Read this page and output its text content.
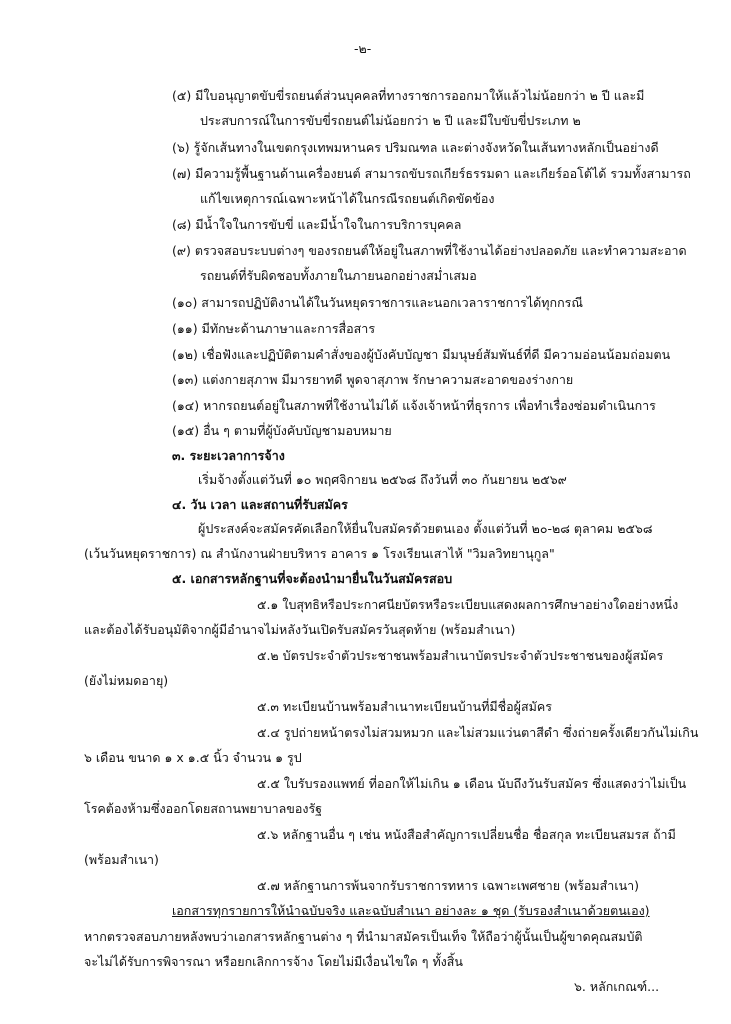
-๒-
(๕) มีใบอนุญาตขับขี่รถยนต์ส่วนบุคคลที่ทางราชการออกมาให้แล้วไม่น้อยกว่า ๒ ปี และมี
ประสบการณ์ในการขับขี่รถยนต์ไม่น้อยกว่า ๒ ปี และมีใบขับขี่ประเภท ๒
(๖) รู้จักเส้นทางในเขตกรุงเทพมหานคร ปริมณฑล และต่างจังหวัดในเส้นทางหลักเป็นอย่างดี
(๗) มีความรู้พื้นฐานด้านเครื่องยนต์ สามารถขับรถเกียร์ธรรมดา และเกียร์ออโต้ได้ รวมทั้งสามารถ
แก้ไขเหตุการณ์เฉพาะหน้าได้ในกรณีรถยนต์เกิดขัดข้อง
(๘) มีน้ำใจในการขับขี่ และมีน้ำใจในการบริการบุคคล
(๙) ตรวจสอบระบบต่างๆ ของรถยนต์ให้อยู่ในสภาพที่ใช้งานได้อย่างปลอดภัย และทำความสะอาด
รถยนต์ที่รับผิดชอบทั้งภายในภายนอกอย่างสม่ำเสมอ
(๑๐) สามารถปฏิบัติงานได้ในวันหยุดราชการและนอกเวลาราชการได้ทุกกรณี
(๑๑) มีทักษะด้านภาษาและการสื่อสาร
(๑๒) เชื่อฟังและปฏิบัติตามคำสั่งของผู้บังคับบัญชา มีมนุษย์สัมพันธ์ที่ดี มีความอ่อนน้อมถ่อมตน
(๑๓) แต่งกายสุภาพ มีมารยาทดี พูดจาสุภาพ รักษาความสะอาดของร่างกาย
(๑๔) หากรถยนต์อยู่ในสภาพที่ใช้งานไม่ได้ แจ้งเจ้าหน้าที่ธุรการ เพื่อทำเรื่องซ่อมดำเนินการ
(๑๕) อื่น ๆ ตามที่ผู้บังคับบัญชามอบหมาย
๓. ระยะเวลาการจ้าง
เริ่มจ้างตั้งแต่วันที่ ๑๐ พฤศจิกายน ๒๕๖๘ ถึงวันที่ ๓๐ กันยายน ๒๕๖๙
๔. วัน เวลา และสถานที่รับสมัคร
ผู้ประสงค์จะสมัครคัดเลือกให้ยื่นใบสมัครด้วยตนเอง ตั้งแต่วันที่ ๒๐-๒๘ ตุลาคม ๒๕๖๘
(เว้นวันหยุดราชการ) ณ สำนักงานฝ่ายบริหาร อาคาร ๑ โรงเรียนเสาไห้ "วิมลวิทยานุกูล"
๕. เอกสารหลักฐานที่จะต้องนำมายื่นในวันสมัครสอบ
๕.๑ ใบสุทธิหรือประกาศนียบัตรหรือระเบียบแสดงผลการศึกษาอย่างใดอย่างหนึ่ง
และต้องได้รับอนุมัติจากผู้มีอำนาจไม่หลังวันเปิดรับสมัครวันสุดท้าย (พร้อมสำเนา)
๕.๒ บัตรประจำตัวประชาชนพร้อมสำเนาบัตรประจำตัวประชาชนของผู้สมัคร
(ยังไม่หมดอายุ)
๕.๓ ทะเบียนบ้านพร้อมสำเนาทะเบียนบ้านที่มีชื่อผู้สมัคร
๕.๔ รูปถ่ายหน้าตรงไม่สวมหมวก และไม่สวมแว่นตาสีดำ ซึ่งถ่ายครั้งเดียวกันไม่เกิน
๖ เดือน ขนาด ๑ x ๑.๕ นิ้ว จำนวน ๑ รูป
๕.๕ ใบรับรองแพทย์ ที่ออกให้ไม่เกิน ๑ เดือน นับถึงวันรับสมัคร ซึ่งแสดงว่าไม่เป็น
โรคต้องห้ามซึ่งออกโดยสถานพยาบาลของรัฐ
๕.๖ หลักฐานอื่น ๆ เช่น หนังสือสำคัญการเปลี่ยนชื่อ ชื่อสกุล ทะเบียนสมรส ถ้ามี
(พร้อมสำเนา)
๕.๗ หลักฐานการพ้นจากรับราชการทหาร เฉพาะเพศชาย (พร้อมสำเนา)
เอกสารทุกรายการให้นำฉบับจริง และฉบับสำเนา อย่างละ ๑ ชุด (รับรองสำเนาด้วยตนเอง)
หากตรวจสอบภายหลังพบว่าเอกสารหลักฐานต่าง ๆ ที่นำมาสมัครเป็นเท็จ ให้ถือว่าผู้นั้นเป็นผู้ขาดคุณสมบัติ
จะไม่ได้รับการพิจารณา หรือยกเลิกการจ้าง โดยไม่มีเงื่อนไขใด ๆ ทั้งสิ้น
๖. หลักเกณฑ์...
